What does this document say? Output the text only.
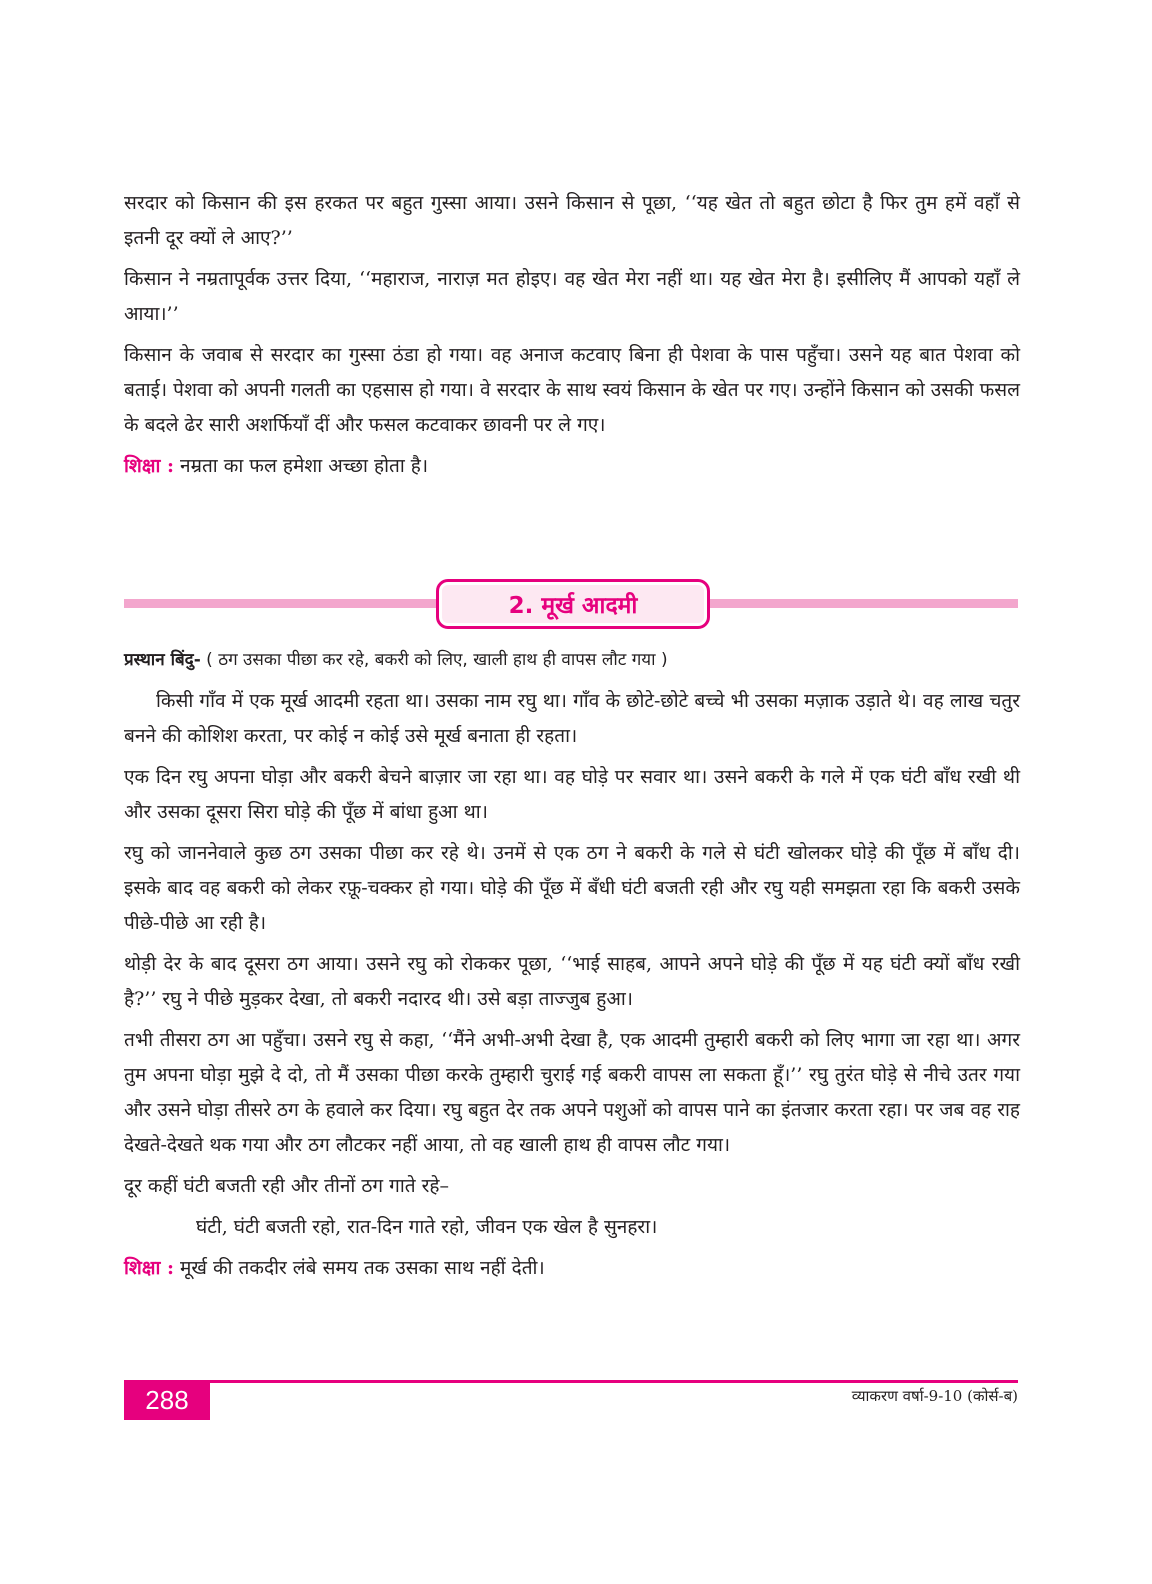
सरदार को किसान की इस हरकत पर बहुत गुस्सा आया। उसने किसान से पूछा, ‘‘यह खेत तो बहुत छोटा है फिर तुम हमें वहाँ से इतनी दूर क्यों ले आए?’’

किसान ने नम्रतापूर्वक उत्तर दिया, ‘‘महाराज, नाराज़ मत होइए। वह खेत मेरा नहीं था। यह खेत मेरा है। इसीलिए मैं आपको यहाँ ले आया।’’

किसान के जवाब से सरदार का गुस्सा ठंडा हो गया। वह अनाज कटवाए बिना ही पेशवा के पास पहुँचा। उसने यह बात पेशवा को बताई। पेशवा को अपनी गलती का एहसास हो गया। वे सरदार के साथ स्वयं किसान के खेत पर गए। उन्होंने किसान को उसकी फसल के बदले ढेर सारी अशर्फियाँ दीं और फसल कटवाकर छावनी पर ले गए।

शिक्षा : नम्रता का फल हमेशा अच्छा होता है।

2. मूर्ख आदमी

प्रस्थान बिंदु- ( ठग उसका पीछा कर रहे, बकरी को लिए, खाली हाथ ही वापस लौट गया )

किसी गाँव में एक मूर्ख आदमी रहता था। उसका नाम रघु था। गाँव के छोटे-छोटे बच्चे भी उसका मज़ाक उड़ाते थे। वह लाख चतुर बनने की कोशिश करता, पर कोई न कोई उसे मूर्ख बनाता ही रहता।

एक दिन रघु अपना घोड़ा और बकरी बेचने बाज़ार जा रहा था। वह घोड़े पर सवार था। उसने बकरी के गले में एक घंटी बाँध रखी थी और उसका दूसरा सिरा घोड़े की पूँछ में बांधा हुआ था।

रघु को जाननेवाले कुछ ठग उसका पीछा कर रहे थे। उनमें से एक ठग ने बकरी के गले से घंटी खोलकर घोड़े की पूँछ में बाँध दी। इसके बाद वह बकरी को लेकर रफ़ू-चक्कर हो गया। घोड़े की पूँछ में बँधी घंटी बजती रही और रघु यही समझता रहा कि बकरी उसके पीछे-पीछे आ रही है।

थोड़ी देर के बाद दूसरा ठग आया। उसने रघु को रोककर पूछा, ‘‘भाई साहब, आपने अपने घोड़े की पूँछ में यह घंटी क्यों बाँध रखी है?’’ रघु ने पीछे मुड़कर देखा, तो बकरी नदारद थी। उसे बड़ा ताज्जुब हुआ।

तभी तीसरा ठग आ पहुँचा। उसने रघु से कहा, ‘‘मैंने अभी-अभी देखा है, एक आदमी तुम्हारी बकरी को लिए भागा जा रहा था। अगर तुम अपना घोड़ा मुझे दे दो, तो मैं उसका पीछा करके तुम्हारी चुराई गई बकरी वापस ला सकता हूँ।’’ रघु तुरंत घोड़े से नीचे उतर गया और उसने घोड़ा तीसरे ठग के हवाले कर दिया। रघु बहुत देर तक अपने पशुओं को वापस पाने का इंतजार करता रहा। पर जब वह राह देखते-देखते थक गया और ठग लौटकर नहीं आया, तो वह खाली हाथ ही वापस लौट गया।

दूर कहीं घंटी बजती रही और तीनों ठग गाते रहे–

घंटी, घंटी बजती रहो, रात-दिन गाते रहो, जीवन एक खेल है सुनहरा।

शिक्षा : मूर्ख की तकदीर लंबे समय तक उसका साथ नहीं देती।

288	व्याकरण वर्षा-9-10 (कोर्स-ब)
